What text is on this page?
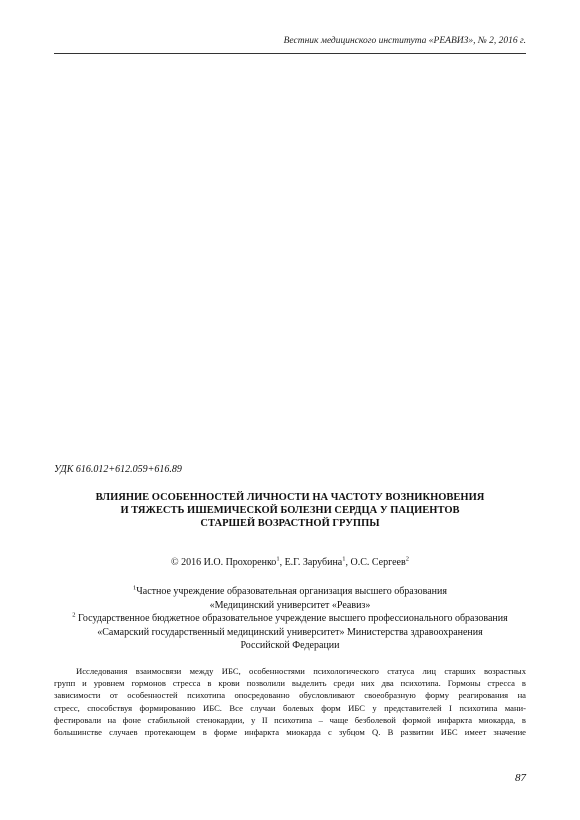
Вестник медицинского института «РЕАВИЗ», № 2, 2016 г.
УДК 616.012+612.059+616.89
ВЛИЯНИЕ ОСОБЕННОСТЕЙ ЛИЧНОСТИ НА ЧАСТОТУ ВОЗНИКНОВЕНИЯ
И ТЯЖЕСТЬ ИШЕМИЧЕСКОЙ БОЛЕЗНИ СЕРДЦА У ПАЦИЕНТОВ
СТАРШЕЙ ВОЗРАСТНОЙ ГРУППЫ
© 2016 И.О. Прохоренко$^1$, Е.Г. Зарубина$^1$, О.С. Сергеев$^2$
$^1$Частное учреждение образовательная организация высшего образования
«Медицинский университет «Реавиз»
$^2$ Государственное бюджетное образовательное учреждение высшего профессионального образования
«Самарский государственный медицинский университет» Министерства здравоохранения
Российской Федерации
Исследования взаимосвязи между ИБС, особенностями психологического статуса лиц старших возрастных
групп и уровнем гормонов стресса в крови позволили выделить среди них два психотипа. Гормоны стресса в
зависимости от особенностей психотипа опосредованно обусловливают своеобразную форму реагирования на
стресс, способствуя формированию ИБС. Все случаи болевых форм ИБС у представителей I психотипа мани-
фестировали на фоне стабильной стенокардии, у II психотипа – чаще безболевой формой инфаркта миокарда, в
большинстве случаев протекающем в форме инфаркта миокарда с зубцом Q. В развитии ИБС имеет значение
87
